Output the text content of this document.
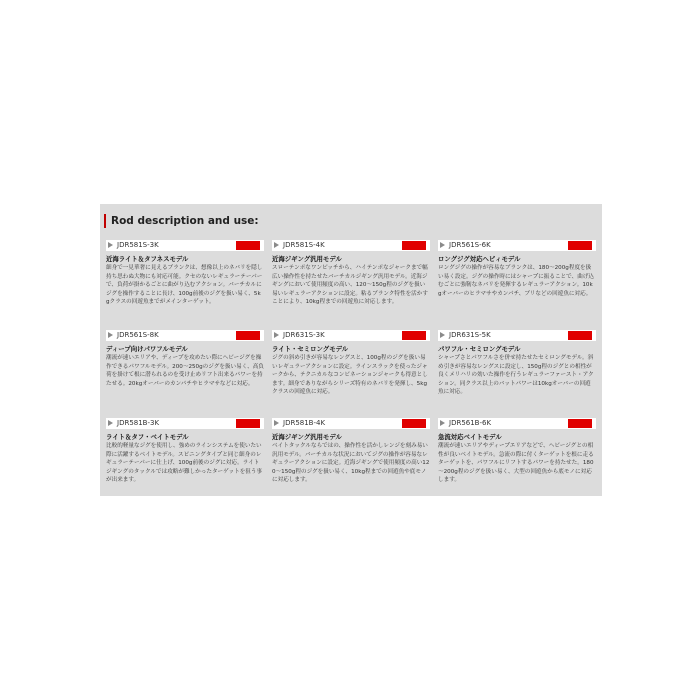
Rod description and use:
JDR581S-3K
近海ライト＆タフネスモデル
細身で一見華奢に見えるブランクは、想像以上のネバリを隠し持ち思わぬ大物にも対応可能。クセのないレギュラーテーパーで、負荷が掛かるごとに曲がり込むアクション。バーチカルにジグを操作することに長け、100g前後のジグを扱い易く、5kgクラスの回遊魚までがメインターゲット。
JDR581S-4K
近海ジギング汎用モデル
スローテンポなワンピッチから、ハイテンポなジャークまで幅広い操作性を持たせたバーチカルジギング汎用モデル。近海ジギングにおいて使用頻度の高い、120～150g程のジグを扱い易いレギュラーアクションに設定。粘るブランク特性を活かすことにより、10kg程までの回遊魚に対応します。
JDR561S-6K
ロングジグ対応ヘビィモデル
ロングジグの操作が容易なブランクは、180～200g程度を扱い易く設定。ジグの操作時にはシャープに振ることで、曲げ込むごとに強靭なネバリを発揮するレギュラーアクション。10kgオーバーのヒラマサやカンパチ、ブリなどの回遊魚に対応。
JDR561S-8K
ディープ向けパワフルモデル
潮流が速いエリアや、ディープを攻めたい際にヘビージグを操作できるパワフルモデル。200～250gのジグを扱い易く、高負荷を掛けて根に潜られるのを受け止めリフト出来るパワーを持たせる。20kgオーバーのカンパチやヒラマサなどに対応。
JDR631S-3K
ライト・セミロングモデル
ジグの斜め引きが容易なレングスと、100g程のジグを扱い易いレギュラーアクションに設定。ラインスラックを使ったジャークから、テクニカルなコンビネーションジャークも得意とします。細身でありながらシリーズ特有のネバリを発揮し、5kgクラスの回遊魚に対応。
JDR631S-5K
パワフル・セミロングモデル
シャープさとパワフルさを併せ持たせたセミロングモデル。斜め引きが容易なレングスに設定し、150g程のジグとの相性が良くメリハリの効いた操作を行うレギュラーファースト・アクション。同クラス以上のバットパワーは10kgオーバーの回遊魚に対応。
JDR581B-3K
ライト＆タフ・ベイトモデル
比較的軽量なジグを使用し、強めのラインシステムを使いたい際に活躍するベイトモデル。スピニングタイプと同じ細身のレギュラーテーパーに仕上げ、100g前後のジグに対応。ライトジギングのタックルでは攻略が難しかったターゲットを狙う事が出来ます。
JDR581B-4K
近海ジギング汎用モデル
ベイトタックルならではの、操作性を活かしレンジを刻み易い汎用モデル。バーチカルな状況においてジグの操作が容易なレギュラーアクションに設定。近海ジギングで使用頻度の高い120～150g程のジグを扱い易く、10kg程までの回遊魚や底モノに対応します。
JDR561B-6K
急流対応ベイトモデル
潮流が速いエリアやディープエリアなどで、ヘビージグとの相性が良いベイトモデル。急流の際に付くターゲットを根に走るターゲットを、パワフルにリフトするパワーを持たせた。180～200g程のジグを扱い易く、大型の回遊魚から底モノに対応します。
